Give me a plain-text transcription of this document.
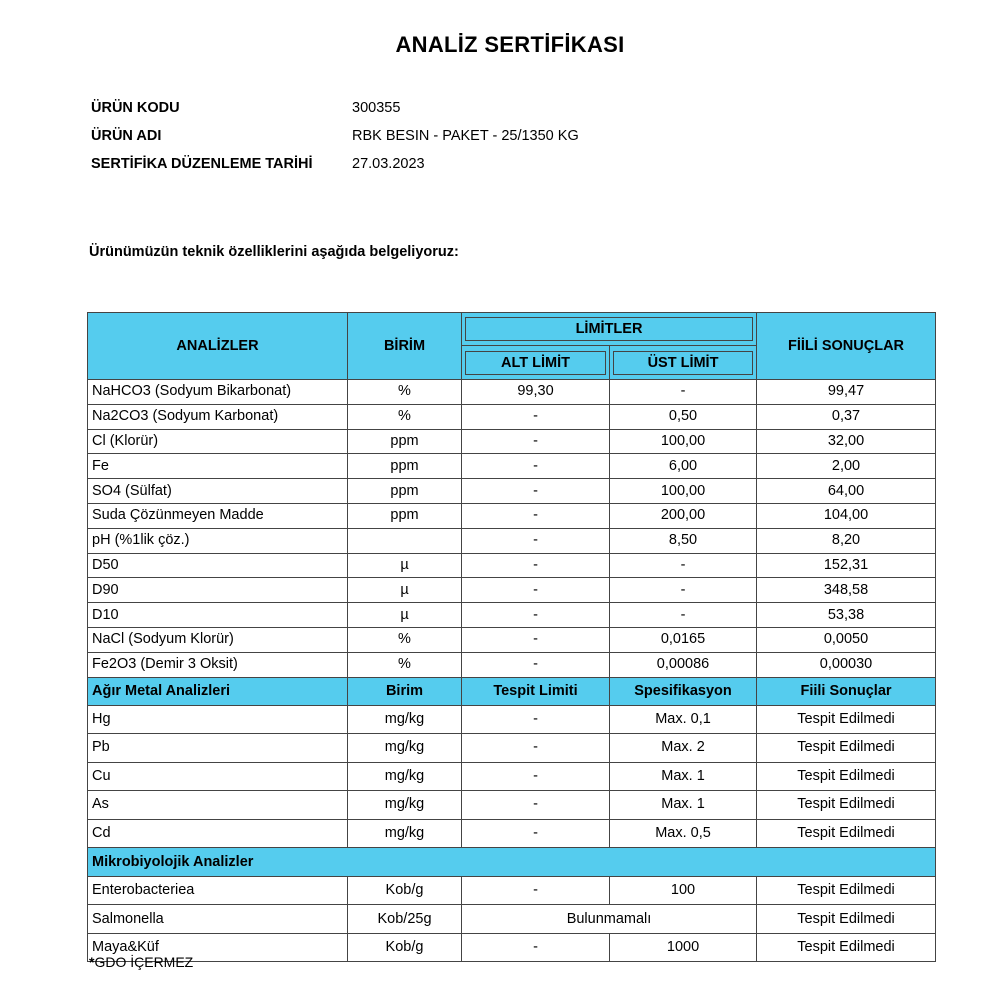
ANALİZ SERTİFİKASI
ÜRÜN KODU	300355
ÜRÜN ADI	RBK BESIN - PAKET - 25/1350 KG
SERTİFİKA DÜZENLEME TARİHİ	27.03.2023
Ürünümüzün teknik özelliklerini aşağıda belgeliyoruz:
ANALİZLER	BİRİM	LİMİTLER		FİİLİ SONUÇLAR

		ALT LİMİT	ÜST LİMİT	

NaHCO3 (Sodyum Bikarbonat)	%	99,30	-	99,47
Na2CO3 (Sodyum Karbonat)	%	-	0,50	0,37
Cl (Klorür)	ppm	-	100,00	32,00
Fe	ppm	-	6,00	2,00
SO4 (Sülfat)	ppm	-	100,00	64,00
Suda Çözünmeyen Madde	ppm	-	200,00	104,00
pH (%1lik çöz.)		-	8,50	8,20
D50	µ	-	-	152,31
D90	µ	-	-	348,58
D10	µ	-	-	53,38
NaCl (Sodyum Klorür)	%	-	0,0165	0,0050
Fe2O3 (Demir 3 Oksit)	%	-	0,00086	0,00030
Ağır Metal Analizleri	Birim	Tespit Limiti	Spesifikasyon	Fiili Sonuçlar
Hg	mg/kg	-	Max. 0,1	Tespit Edilmedi
Pb	mg/kg	-	Max. 2	Tespit Edilmedi
Cu	mg/kg	-	Max. 1	Tespit Edilmedi
As	mg/kg	-	Max. 1	Tespit Edilmedi
Cd	mg/kg	-	Max. 0,5	Tespit Edilmedi
Mikrobiyolojik Analizler				
Enterobacteriea	Kob/g	-	100	Tespit Edilmedi
Salmonella	Kob/25g	Bulunmamalı		Tespit Edilmedi
Maya&Küf	Kob/g	-	1000	Tespit Edilmedi
*GDO İÇERMEZ
